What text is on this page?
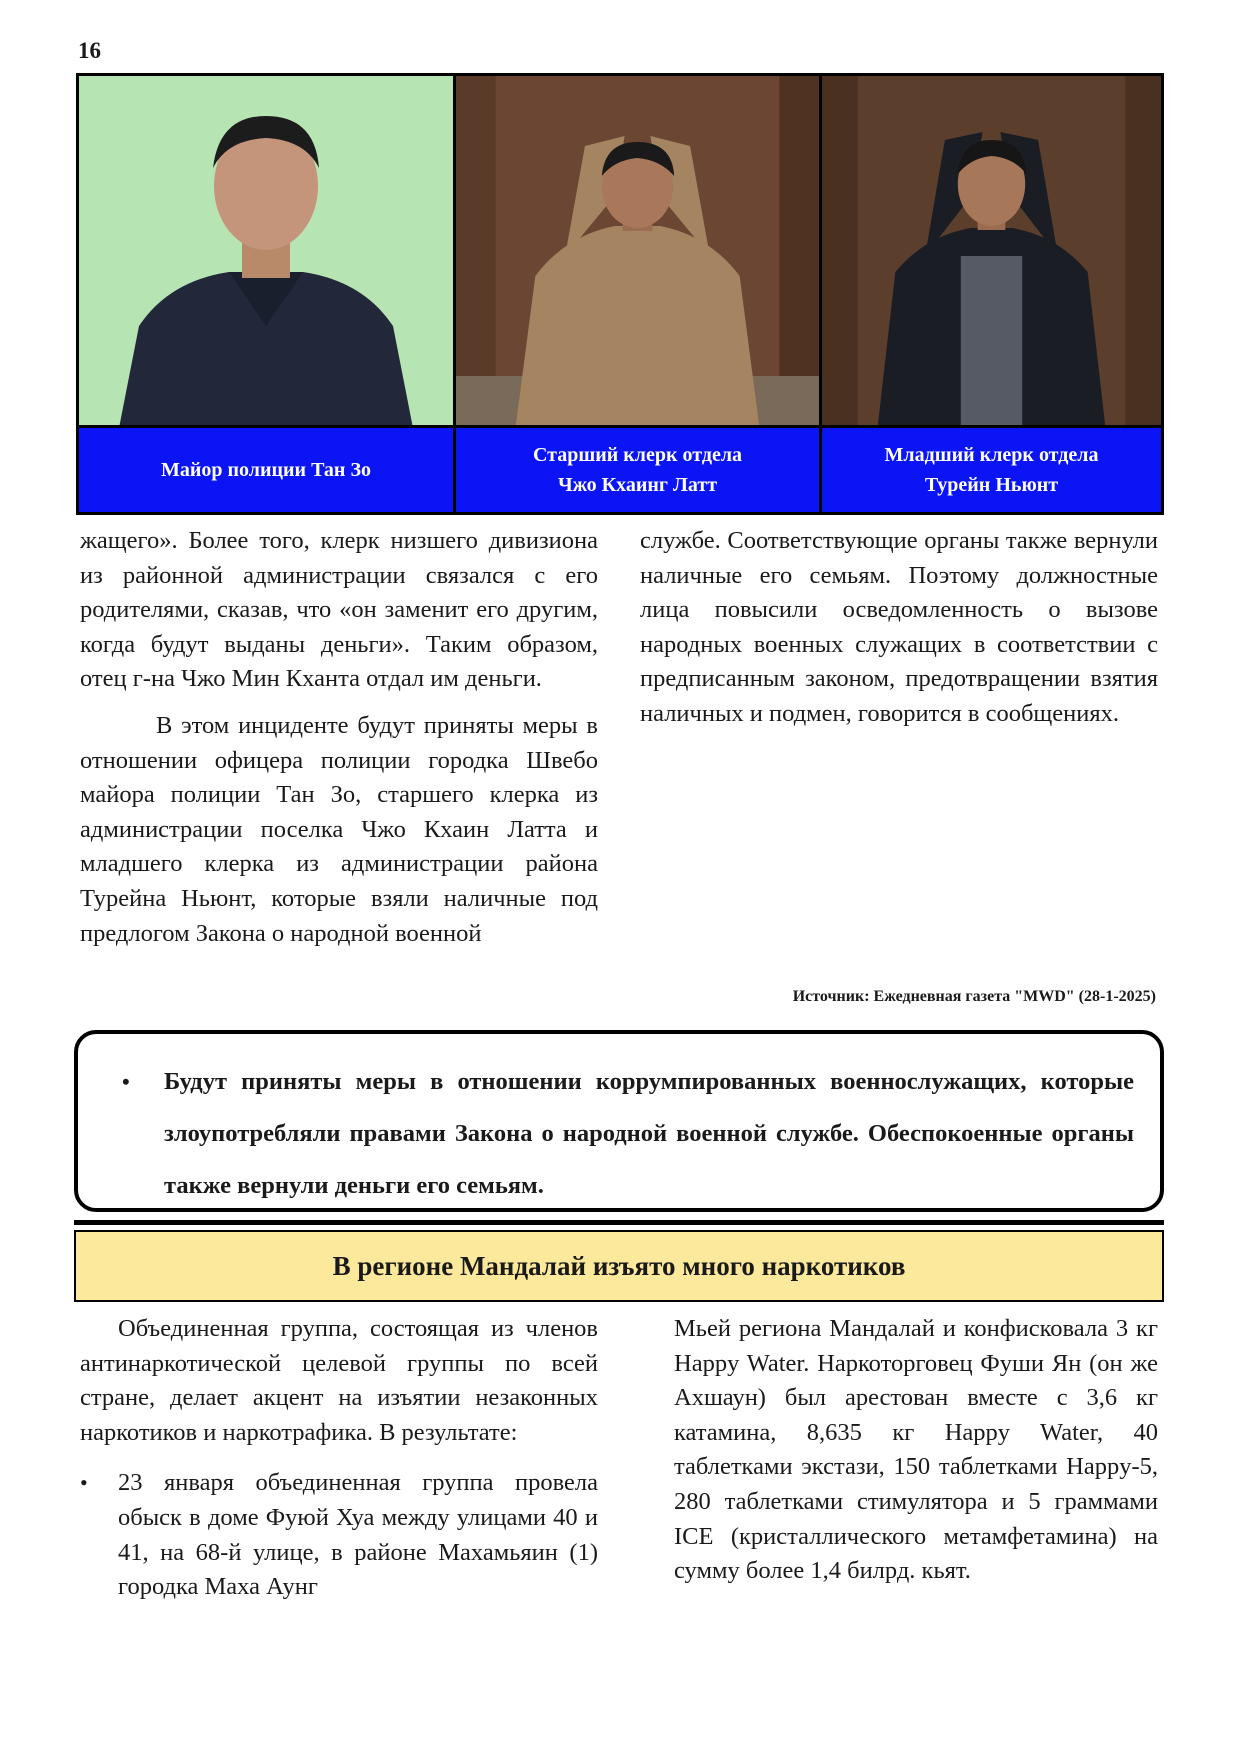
16
Майор полиции Тан Зо
Старший клерк отдела
Чжо Кхаинг Латт
Младший клерк отдела
Турейн Ньюнт

жащего». Более того, клерк низшего дивизиона из районной администрации связался с его родителями, сказав, что «он заменит его другим, когда будут выданы деньги». Таким образом, отец г-на Чжо Мин Кханта отдал им деньги.

В этом инциденте будут приняты меры в отношении офицера полиции городка Швебо майора полиции Тан Зо, старшего клерка из администрации поселка Чжо Кхаин Латта и младшего клерка из администрации района Турейна Ньюнт, которые взяли наличные под предлогом Закона о народной военной

службе. Соответствующие органы также вернули наличные его семьям. Поэтому должностные лица повысили осведомленность о вызове народных военных служащих в соответствии с предписанным законом, предотвращении взятия наличных и подмен, говорится в сообщениях.

Источник: Ежедневная газета "MWD" (28-1-2025)
• Будут приняты меры в отношении коррумпированных военнослужащих, которые злоупотребляли правами Закона о народной военной службе. Обеспокоенные органы также вернули деньги его семьям.
В регионе Мандалай изъято много наркотиков

Объединенная группа, состоящая из членов антинаркотической целевой группы по всей стране, делает акцент на изъятии незаконных наркотиков и наркотрафика. В результате:

• 23 января объединенная группа провела обыск в доме Фуюй Хуа между улицами 40 и 41, на 68-й улице, в районе Махамьяин (1) городка Маха Аунг

Мьей региона Мандалай и конфисковала 3 кг Happy Water. Наркоторговец Фуши Ян (он же Ахшаун) был арестован вместе с 3,6 кг катамина, 8,635 кг Happy Water, 40 таблетками экстази, 150 таблетками Happy-5, 280 таблетками стимулятора и 5 граммами ICE (кристаллического метамфетамина) на сумму более 1,4 билрд. кьят.
